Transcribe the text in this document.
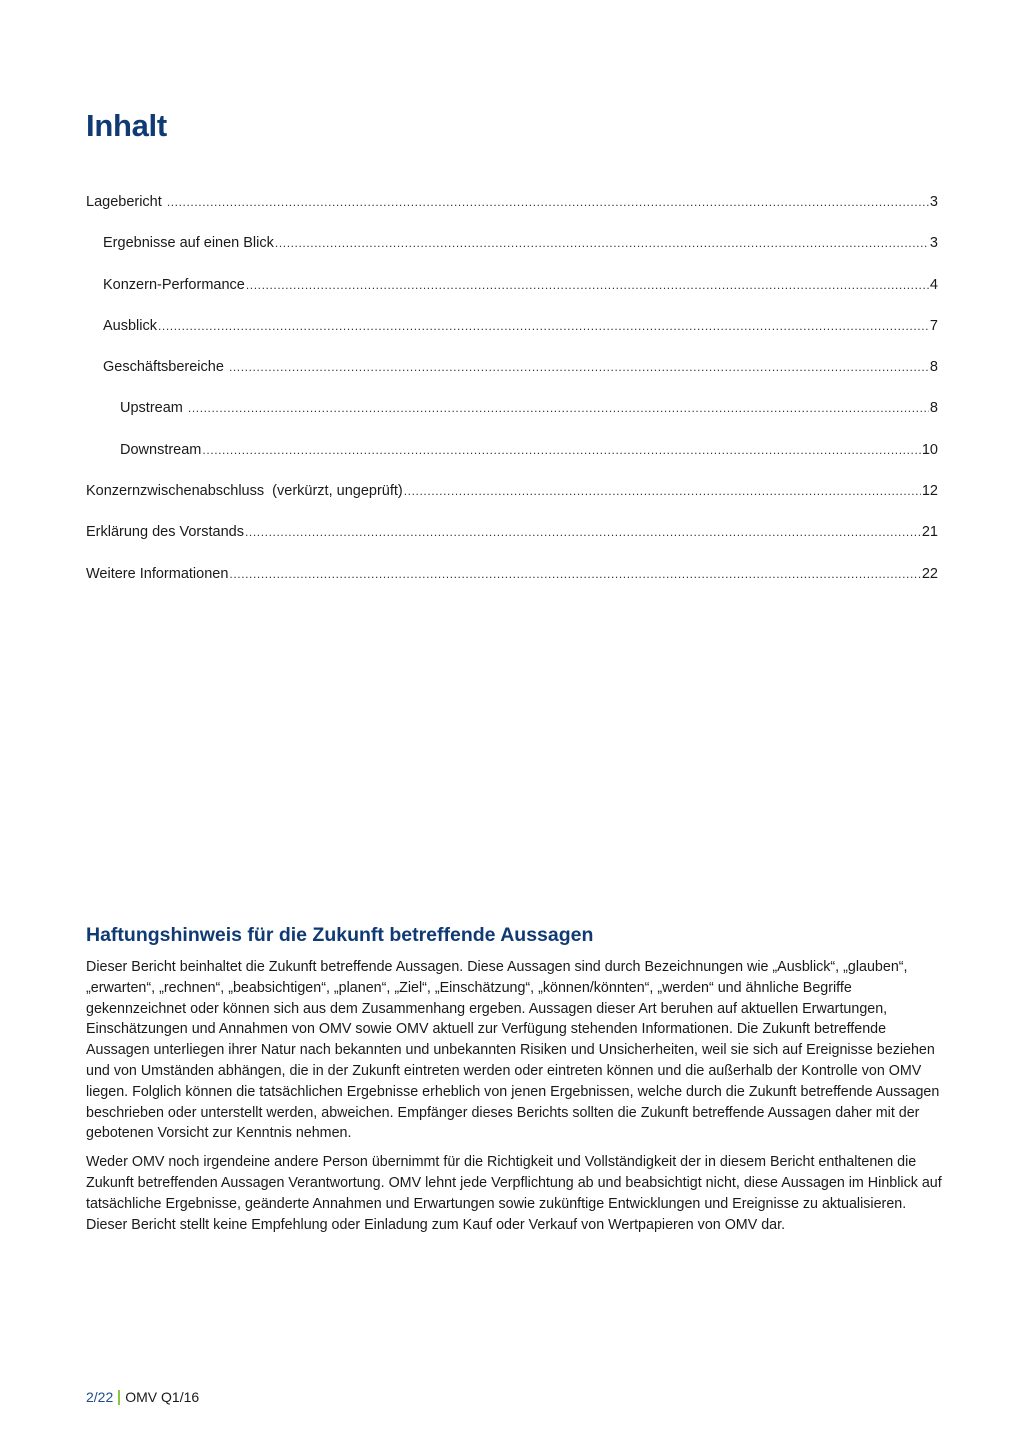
Inhalt
Lagebericht .....	3
Ergebnisse auf einen Blick .....	3
Konzern-Performance .....	4
Ausblick .....	7
Geschäftsbereiche .....	8
Upstream .....	8
Downstream .....	10
Konzernzwischenabschluss  (verkürzt, ungeprüft) .....	12
Erklärung des Vorstands .....	21
Weitere Informationen .....	22
Haftungshinweis für die Zukunft betreffende Aussagen

Dieser Bericht beinhaltet die Zukunft betreffende Aussagen. Diese Aussagen sind durch Bezeichnungen wie „Ausblick“, „glauben“, „erwarten“, „rechnen“, „beabsichtigen“, „planen“, „Ziel“, „Einschätzung“, „können/könnten“, „werden“ und ähnliche Begriffe gekennzeichnet oder können sich aus dem Zusammenhang ergeben. Aussagen dieser Art beruhen auf aktuellen Erwartungen, Einschätzungen und Annahmen von OMV sowie OMV aktuell zur Verfügung stehenden Informationen. Die Zukunft betreffende Aussagen unterliegen ihrer Natur nach bekannten und unbekannten Risiken und Unsicherheiten, weil sie sich auf Ereignisse beziehen und von Umständen abhängen, die in der Zukunft eintreten werden oder eintreten können und die außerhalb der Kontrolle von OMV liegen. Folglich können die tatsächlichen Ergebnisse erheblich von jenen Ergebnissen, welche durch die Zukunft betreffende Aussagen beschrieben oder unterstellt werden, abweichen. Empfänger dieses Berichts sollten die Zukunft betreffende Aussagen daher mit der gebotenen Vorsicht zur Kenntnis nehmen.

Weder OMV noch irgendeine andere Person übernimmt für die Richtigkeit und Vollständigkeit der in diesem Bericht enthaltenen die Zukunft betreffenden Aussagen Verantwortung. OMV lehnt jede Verpflichtung ab und beabsichtigt nicht, diese Aussagen im Hinblick auf tatsächliche Ergebnisse, geänderte Annahmen und Erwartungen sowie zukünftige Entwicklungen und Ereignisse zu aktualisieren. Dieser Bericht stellt keine Empfehlung oder Einladung zum Kauf oder Verkauf von Wertpapieren von OMV dar.

2/22 OMV Q1/16
